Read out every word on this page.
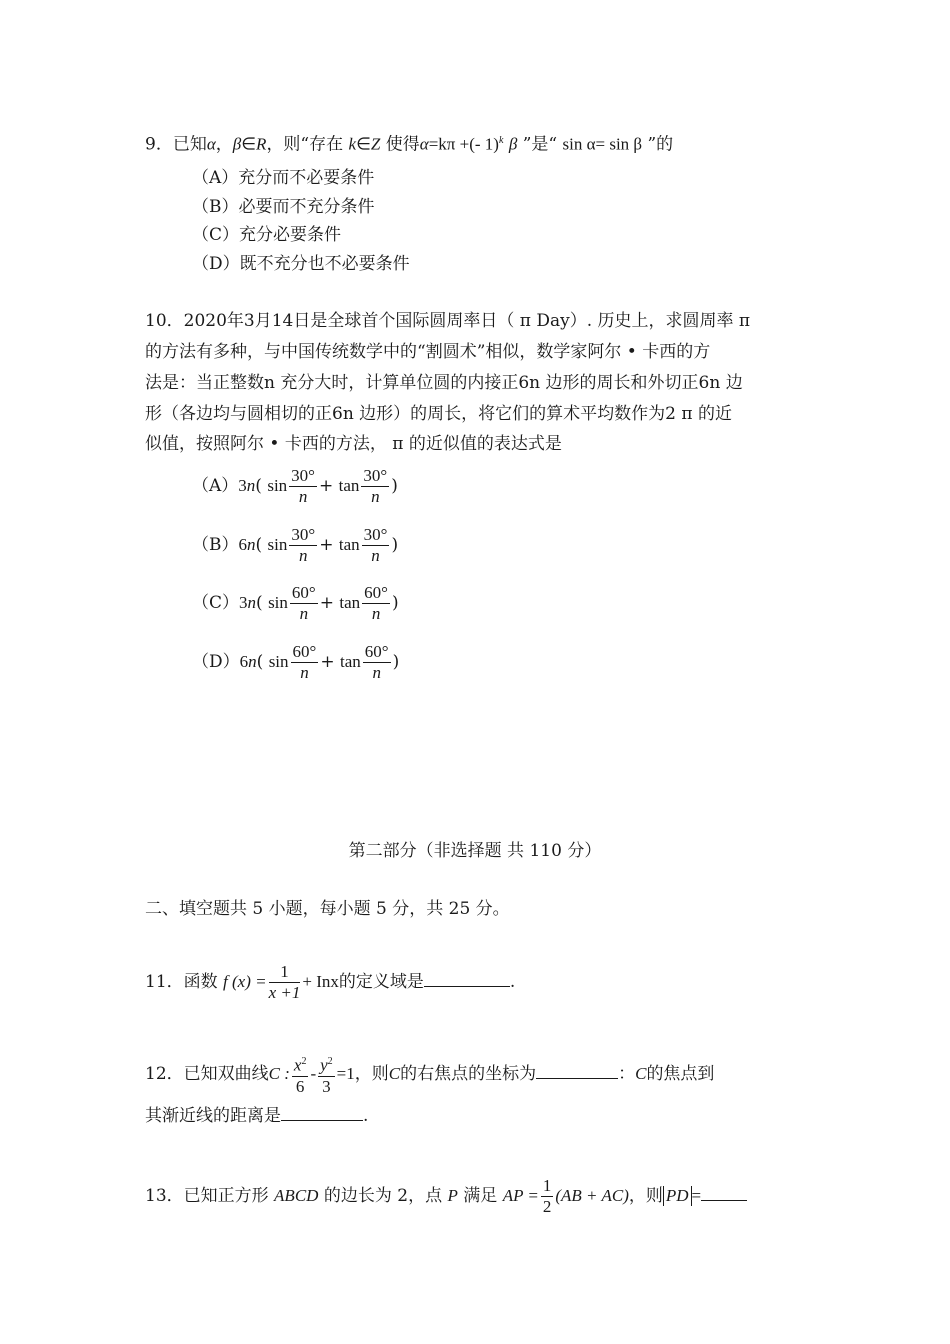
9．已知α，β∈R，则“存在 k∈Z 使得α=kπ +(- 1)$^k$ β ”是“ sin α= sin β ”的
（A）充分而不必要条件
（B）必要而不充分条件
（C）充分必要条件
（D）既不充分也不必要条件
10．2020年3月14日是全球首个国际圆周率日（ π Day）. 历史上，求圆周率 π
的方法有多种，与中国传统数学中的“割圆术”相似，数学家阿尔 • 卡西的方
法是：当正整数n 充分大时，计算单位圆的内接正6n 边形的周长和外切正6n 边
形（各边均与圆相切的正6n 边形）的周长，将它们的算术平均数作为2 π 的近
似值，按照阿尔 • 卡西的方法， π 的近似值的表达式是
（A）3n( $\sin \frac{30^\circ}{n} + \tan \frac{30^\circ}{n}$ )
（B）6n( $\sin \frac{30^\circ}{n} + \tan \frac{30^\circ}{n}$ )
（C）3n( $\sin \frac{60^\circ}{n} + \tan \frac{60^\circ}{n}$ )
（D）6n( $\sin \frac{60^\circ}{n} + \tan \frac{60^\circ}{n}$ )
第二部分（非选择题 共 110 分）
二、填空题共 5 小题，每小题 5 分，共 25 分。
11．函数 f $(x) = \frac{1}{x +1}$ + Inx的定义域是	.
12．已知双曲线C : $\frac{x^2}{6} - \frac{y^2}{3} =1$，则C的右焦点的坐标为	：C的焦点到
其渐近线的距离是	.
13．已知正方形 ABCD 的边长为 2，点 P 满足 AP = $\frac{1}{2} (AB + AC)$，则 PD =
